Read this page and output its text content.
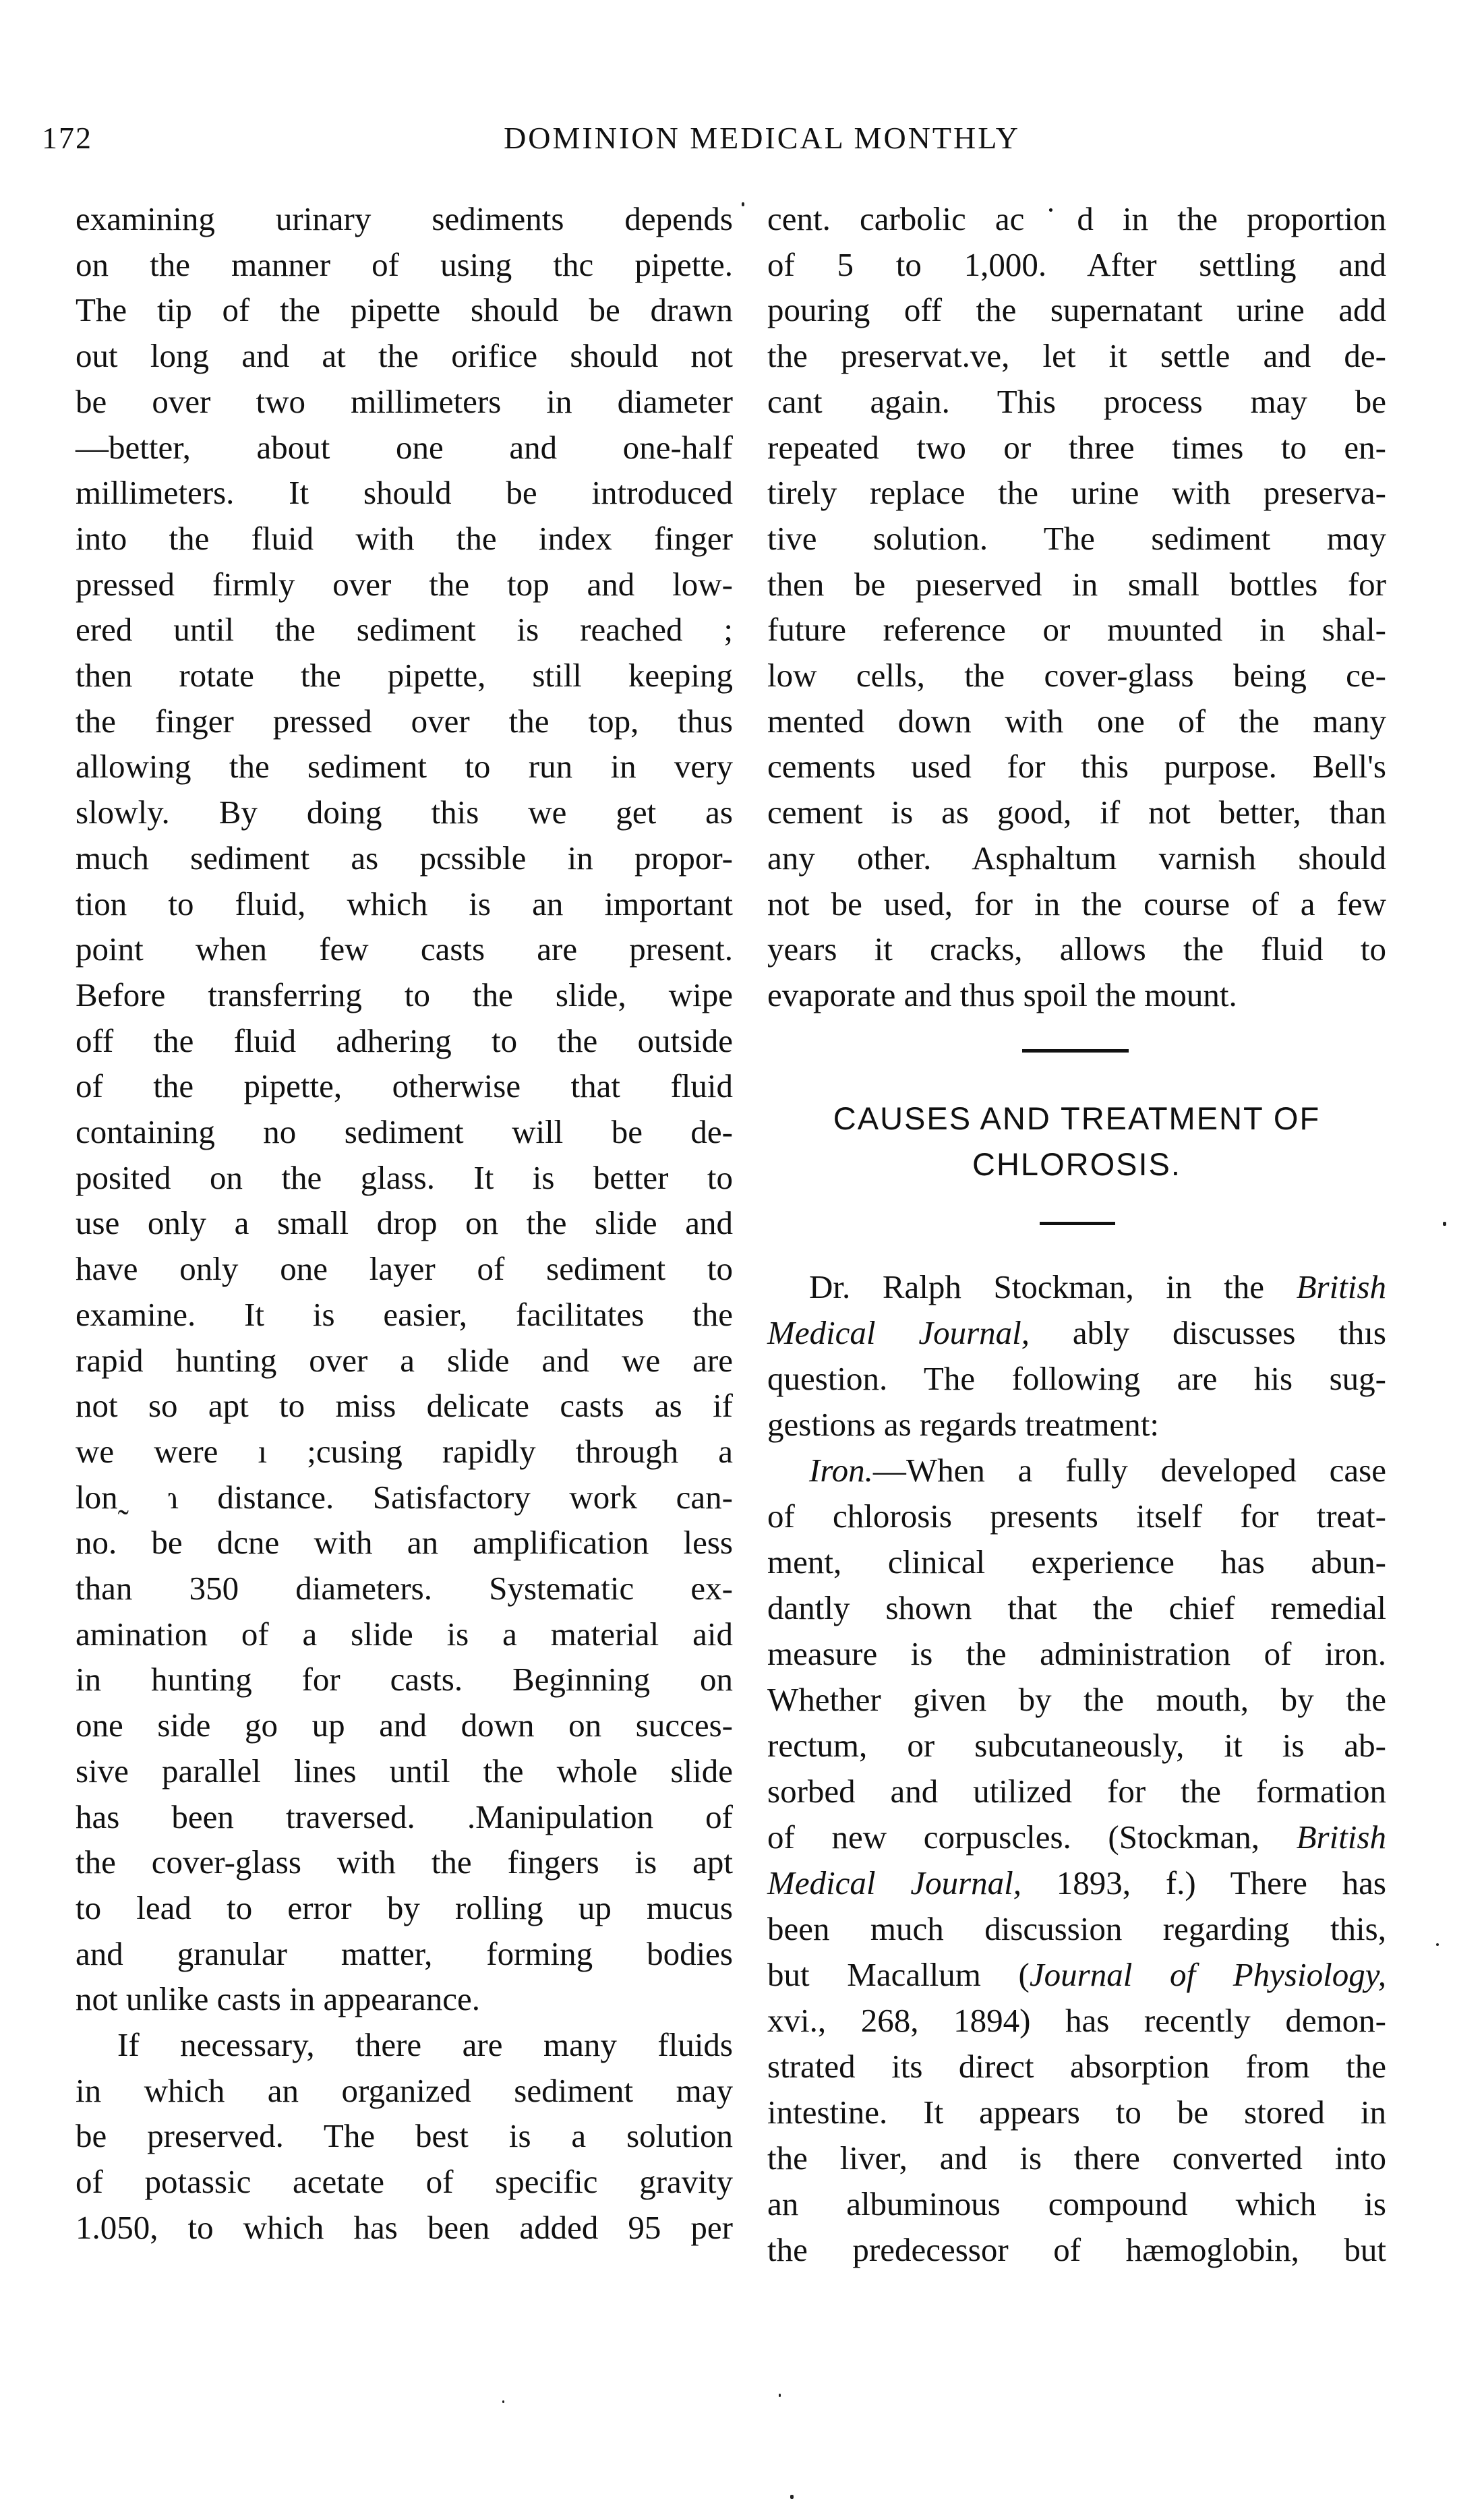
172	DOMINION MEDICAL MONTHLY
examining urinary sediments depends
on the manner of using thc pipette.
The tip of the pipette should be drawn
out long and at the orifice should not
be over two millimeters in diameter
—better, about one and one-half
millimeters. It should be introduced
into the fluid with the index finger
pressed firmly over the top and low-
ered until the sediment is reached ;
then rotate the pipette, still keeping
the finger pressed over the top, thus
allowing the sediment to run in very
slowly. By doing this we get as
much sediment as pcssible in propor-
tion to fluid, which is an important
point when few casts are present.
Before transferring to the slide, wipe
off the fluid adhering to the outside
of the pipette, otherwise that fluid
containing no sediment will be de-
posited on the glass. It is better to
use only a small drop on the slide and
have only one layer of sediment to
examine. It is easier, facilitates the
rapid hunting over a slide and we are
not so apt to miss delicate casts as if
we were ı ;cusing rapidly through a
lon˷ ɿ distance. Satisfactory work can-
no. be dcne with an amplification less
than 350 diameters. Systematic ex-
amination of a slide is a material aid
in hunting for casts. Beginning on
one side go up and down on succes-
sive parallel lines until the whole slide
has been traversed. .Manipulation of
the cover-glass with the fingers is apt
to lead to error by rolling up mucus
and granular matter, forming bodies
not unlike casts in appearance.
If necessary, there are many fluids
in which an organized sediment may
be preserved. The best is a solution
of potassic acetate of specific gravity
1.050, to which has been added 95 per
cent. carbolic ac˙d in the proportion
of 5 to 1,000. After settling and
pouring off the supernatant urine add
the preservat.ve, let it settle and de-
cant again. This process may be
repeated two or three times to en-
tirely replace the urine with preserva-
tive solution. The sediment mɑy
then be pıeserved in small bottles for
future reference or mυunted in shal-
low cells, the cover-glass being ce-
mented down with one of the many
cements used for this purpose. Bell's
cement is as good, if not better, than
any other. Asphaltum varnish should
not be used, for in the course of a few
years it cracks, allows the fluid to
evaporate and thus spoil the mount.
CAUSES AND TREATMENT OF
CHLOROSIS.
Dr. Ralph Stockman, in the British
Medical Journal, ably discusses thıs
question. The following are his sug-
gestions as regards treatment:
Iron.—When a fully developed case
of chlorosis presents itself for treat-
ment, clinical experience has abun-
dantly shown that the chief remedial
measure is the administration of iron.
Whether given by the mouth, by the
rectum, or subcutaneously, it is ab-
sorbed and utilized for the formation
of new corpuscles. (Stockman, British
Medical Journal, 1893, f.) There has
been much discussion regarding this,
but Macallum (Journal of Physiology,
xvi., 268, 1894) has recently demon-
strated its direct absorption from the
intestine. It appears to be stored in
the liver, and is there converted into
an albuminous compound which is
the predecessor of hæmoglobin, but
